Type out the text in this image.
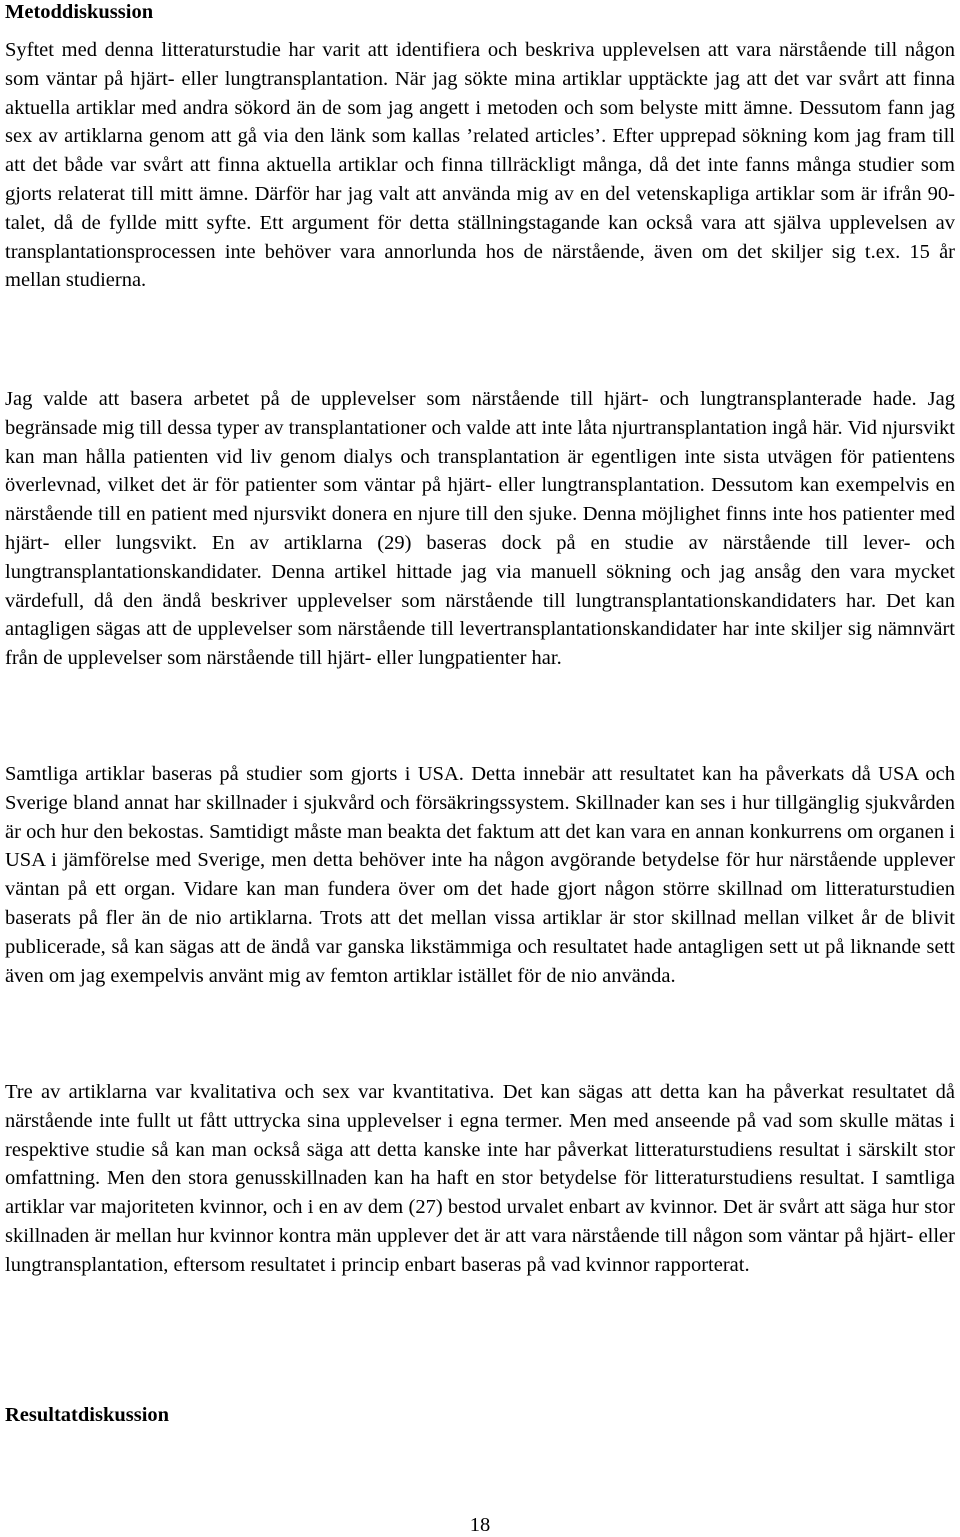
Metoddiskussion

Syftet med denna litteraturstudie har varit att identifiera och beskriva upplevelsen att vara närstående till någon som väntar på hjärt- eller lungtransplantation. När jag sökte mina artiklar upptäckte jag att det var svårt att finna aktuella artiklar med andra sökord än de som jag angett i metoden och som belyste mitt ämne. Dessutom fann jag sex av artiklarna genom att gå via den länk som kallas ’related articles’. Efter upprepad sökning kom jag fram till att det både var svårt att finna aktuella artiklar och finna tillräckligt många, då det inte fanns många studier som gjorts relaterat till mitt ämne. Därför har jag valt att använda mig av en del vetenskapliga artiklar som är ifrån 90-talet, då de fyllde mitt syfte. Ett argument för detta ställningstagande kan också vara att själva upplevelsen av transplantationsprocessen inte behöver vara annorlunda hos de närstående, även om det skiljer sig t.ex. 15 år mellan studierna.

Jag valde att basera arbetet på de upplevelser som närstående till hjärt- och lungtransplanterade hade. Jag begränsade mig till dessa typer av transplantationer och valde att inte låta njurtransplantation ingå här. Vid njursvikt kan man hålla patienten vid liv genom dialys och transplantation är egentligen inte sista utvägen för patientens överlevnad, vilket det är för patienter som väntar på hjärt- eller lungtransplantation. Dessutom kan exempelvis en närstående till en patient med njursvikt donera en njure till den sjuke. Denna möjlighet finns inte hos patienter med hjärt- eller lungsvikt. En av artiklarna (29) baseras dock på en studie av närstående till lever- och lungtransplantationskandidater. Denna artikel hittade jag via manuell sökning och jag ansåg den vara mycket värdefull, då den ändå beskriver upplevelser som närstående till lungtransplantationskandidaters har. Det kan antagligen sägas att de upplevelser som närstående till levertransplantationskandidater har inte skiljer sig nämnvärt från de upplevelser som närstående till hjärt- eller lungpatienter har.

Samtliga artiklar baseras på studier som gjorts i USA. Detta innebär att resultatet kan ha påverkats då USA och Sverige bland annat har skillnader i sjukvård och försäkringssystem. Skillnader kan ses i hur tillgänglig sjukvården är och hur den bekostas. Samtidigt måste man beakta det faktum att det kan vara en annan konkurrens om organen i USA i jämförelse med Sverige, men detta behöver inte ha någon avgörande betydelse för hur närstående upplever väntan på ett organ. Vidare kan man fundera över om det hade gjort någon större skillnad om litteraturstudien baserats på fler än de nio artiklarna. Trots att det mellan vissa artiklar är stor skillnad mellan vilket år de blivit publicerade, så kan sägas att de ändå var ganska likstämmiga och resultatet hade antagligen sett ut på liknande sett även om jag exempelvis använt mig av femton artiklar istället för de nio använda.

Tre av artiklarna var kvalitativa och sex var kvantitativa. Det kan sägas att detta kan ha påverkat resultatet då närstående inte fullt ut fått uttrycka sina upplevelser i egna termer. Men med anseende på vad som skulle mätas i respektive studie så kan man också säga att detta kanske inte har påverkat litteraturstudiens resultat i särskilt stor omfattning. Men den stora genusskillnaden kan ha haft en stor betydelse för litteraturstudiens resultat. I samtliga artiklar var majoriteten kvinnor, och i en av dem (27) bestod urvalet enbart av kvinnor. Det är svårt att säga hur stor skillnaden är mellan hur kvinnor kontra män upplever det är att vara närstående till någon som väntar på hjärt- eller lungtransplantation, eftersom resultatet i princip enbart baseras på vad kvinnor rapporterat.

Resultatdiskussion
18
